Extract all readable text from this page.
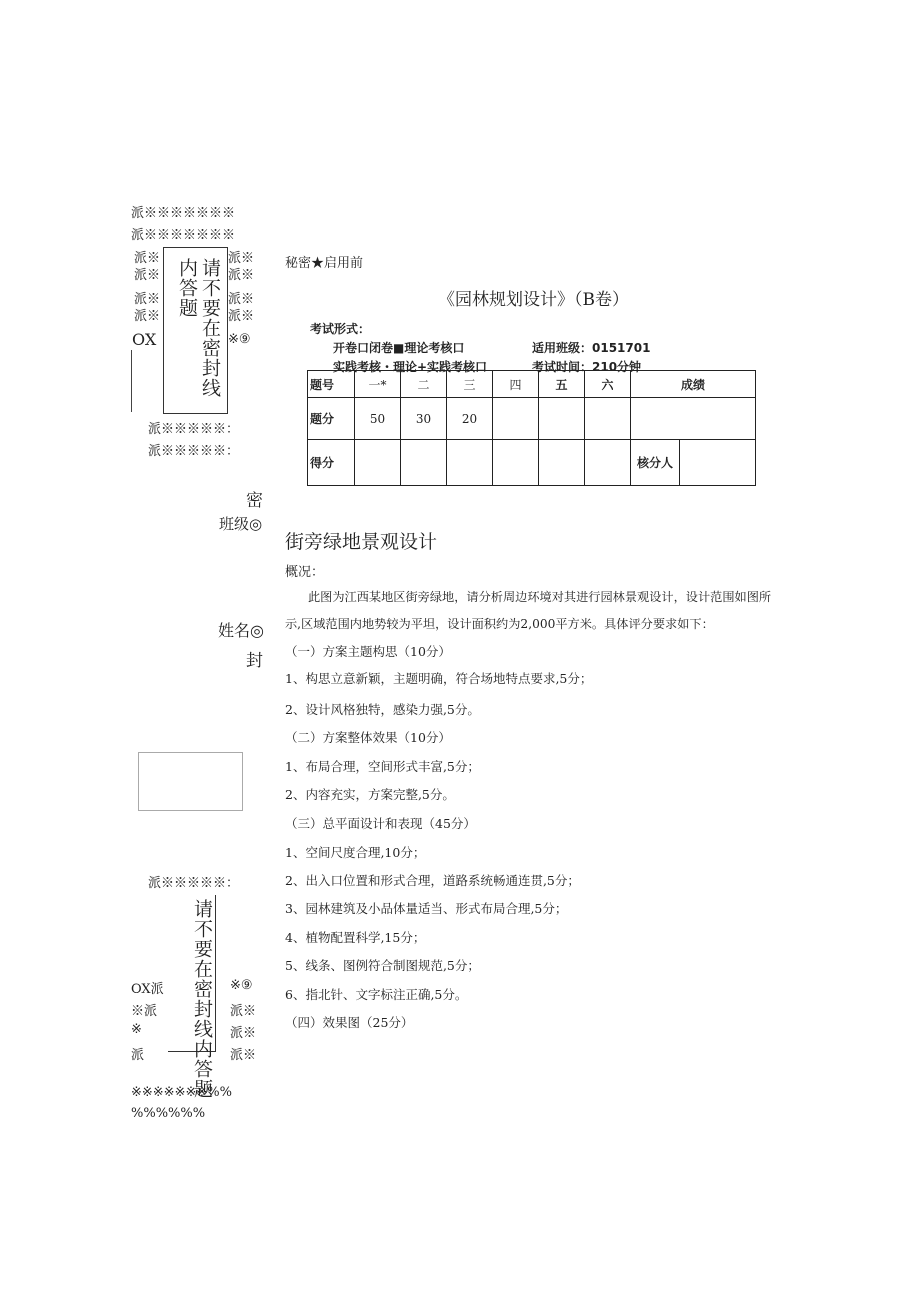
派※※※※※※※
派※※※※※※※
派※
派※
派※
派※
派※
派※
派※
派※
OX	※⑨
请不要在密封线内答题
派※※※※※：
派※※※※※：
密
班级◎
姓名◎
封
派※※※※※：
请不要在密封线内答题
OX派
※派
※
派
※⑨
派※
派※
派※
※※※※※※※%%
%%%%%%
秘密★启用前
《园林规划设计》（B卷）
考试形式：
开卷口闭卷■理论考核口	适用班级：0151701
实践考核・理论+实践考核口	考试时间：210分钟
题号	一*	二	三	四	五	六	成绩	
题分	50	30	20					
得分							核分人	
街旁绿地景观设计
概况：
此图为江西某地区街旁绿地，请分析周边环境对其进行园林景观设计，设计范围如图所
示,区域范围内地势较为平坦，设计面积约为2,000平方米。具体评分要求如下：
（一）方案主题构思（10分）
1、构思立意新颖，主题明确，符合场地特点要求,5分；
2、设计风格独特，感染力强,5分。
（二）方案整体效果（10分）
1、布局合理，空间形式丰富,5分；
2、内容充实，方案完整,5分。
（三）总平面设计和表现（45分）
1、空间尺度合理,10分；
2、出入口位置和形式合理，道路系统畅通连贯,5分；
3、园林建筑及小品体量适当、形式布局合理,5分；
4、植物配置科学,15分；
5、线条、图例符合制图规范,5分；
6、指北针、文字标注正确,5分。
（四）效果图（25分）
